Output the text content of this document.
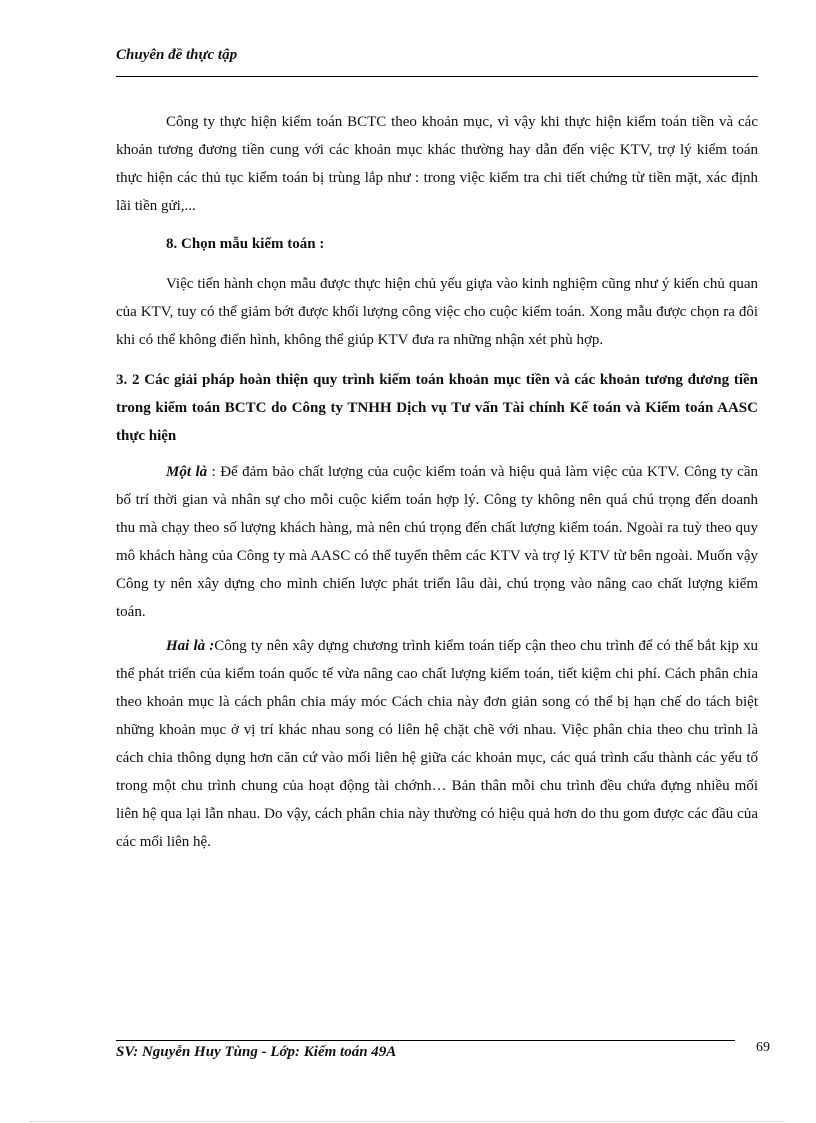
Chuyên đề thực tập

Công ty thực hiện kiểm toán BCTC theo khoản mục, vì vậy khi thực hiện kiểm toán tiền và các khoản tương đương tiền cung với các khoản mục khác thường hay dẫn đến việc KTV, trợ lý kiểm toán thực hiện các thủ tục kiểm toán bị trùng lắp như : trong việc kiểm tra chi tiết chứng từ tiền mặt, xác định lãi tiền gửi,...

8. Chọn mẫu kiểm toán :

Việc tiến hành chọn mẫu được thực hiện chủ yếu giựa vào kinh nghiệm cũng như ý kiến chủ quan của KTV, tuy có thể giảm bớt được khối lượng công việc cho cuộc kiểm toán. Xong mẫu được chọn ra đôi khi có thể không điển hình, không thể giúp KTV đưa ra những nhận xét phù hợp.

3. 2 Các giải pháp hoàn thiện quy trình kiểm toán khoản mục tiền và các khoản tương đương tiền trong kiểm toán BCTC do Công ty TNHH Dịch vụ Tư vấn Tài chính Kế toán và Kiểm toán AASC thực hiện

Một là : Để đảm bảo chất lượng của cuộc kiểm toán và hiệu quả làm việc của KTV. Công ty cần bố trí thời gian và nhân sự cho mỗi cuộc kiểm toán hợp lý. Công ty không nên quá chú trọng đến doanh thu mà chạy theo số lượng khách hàng, mà nên chú trọng đến chất lượng kiểm toán. Ngoài ra tuỳ theo quy mô khách hàng của Công ty mà AASC có thể tuyển thêm các KTV và trợ lý KTV từ bên ngoài. Muốn vậy Công ty nên xây dựng cho mình chiến lược phát triển lâu dài, chú trọng vào nâng cao chất lượng kiểm toán.

Hai là :Công ty nên xây dựng chương trình kiểm toán tiếp cận theo chu trình để có thể bắt kịp xu thế phát triển của kiểm toán quốc tế vừa nâng cao chất lượng kiểm toán, tiết kiệm chi phí. Cách phân chia theo khoản mục là cách phân chia máy móc Cách chia này đơn giản song có thể bị hạn chế do tách biệt những khoản mục ở vị trí khác nhau song có liên hệ chặt chẽ với nhau. Việc phân chia theo chu trình là cách chia thông dụng hơn căn cứ vào mối liên hệ giữa các khoản mục, các quá trình cấu thành các yếu tố trong một chu trình chung của hoạt động tài chớnh… Bản thân mỗi chu trình đều chứa đựng nhiều mối liên hệ qua lại lẫn nhau. Do vậy, cách phân chia này thường có hiệu quả hơn do thu gom được các đầu của các mối liên hệ.

SV: Nguyễn Huy Tùng - Lớp: Kiểm toán 49A	69
